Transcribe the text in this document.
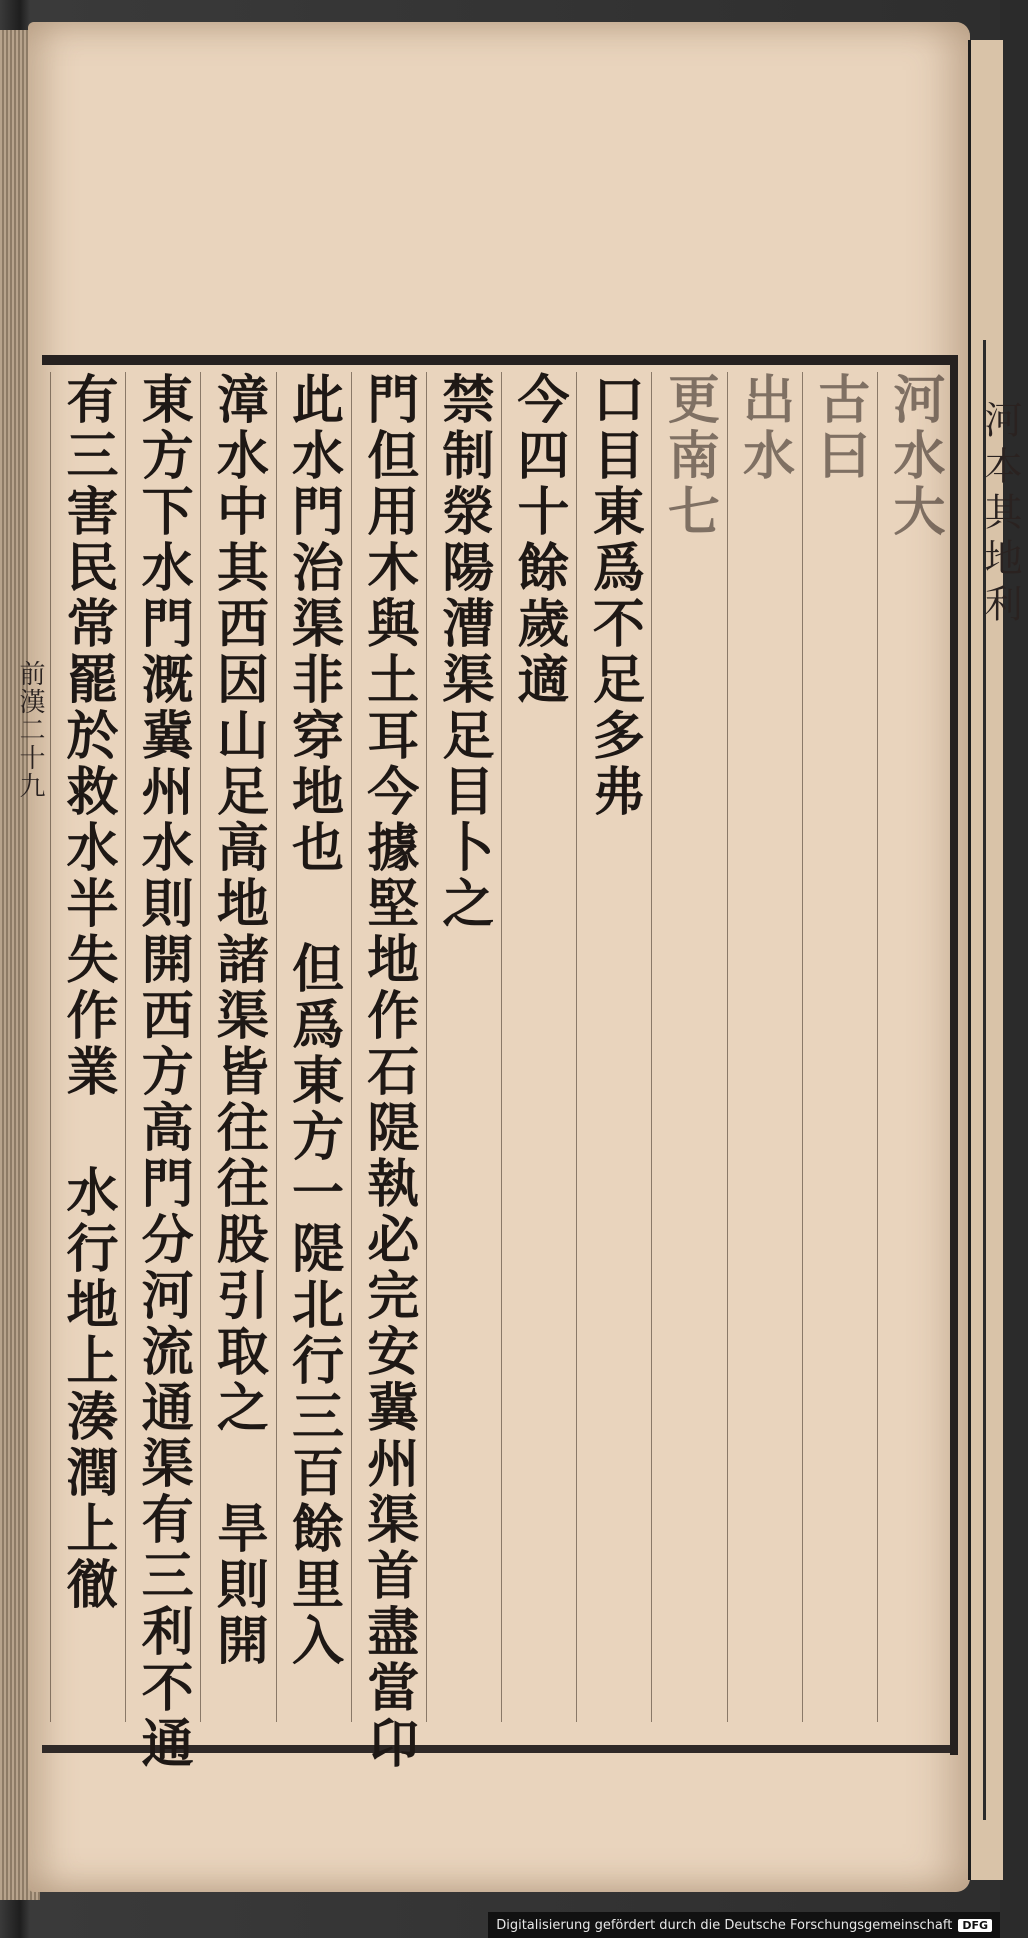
河本其地利
前漢二十九
河水大
古曰
出水
更南七
口目東爲不足多弗
今四十餘歲適
禁制滎陽漕渠足目卜之
門但用木與土耳今據堅地作石隄執必完安冀州渠首盡當卬
此水門治渠非穿地也 但爲東方一隄北行三百餘里入
漳水中其西因山足高地諸渠皆往往股引取之 旱則開
東方下水門溉冀州水則開西方高門分河流通渠有三利不通
有三害民常罷於救水半失作業 水行地上湊潤上徹
Digitalisierung gefördert durch die Deutsche Forschungsgemeinschaft DFG
